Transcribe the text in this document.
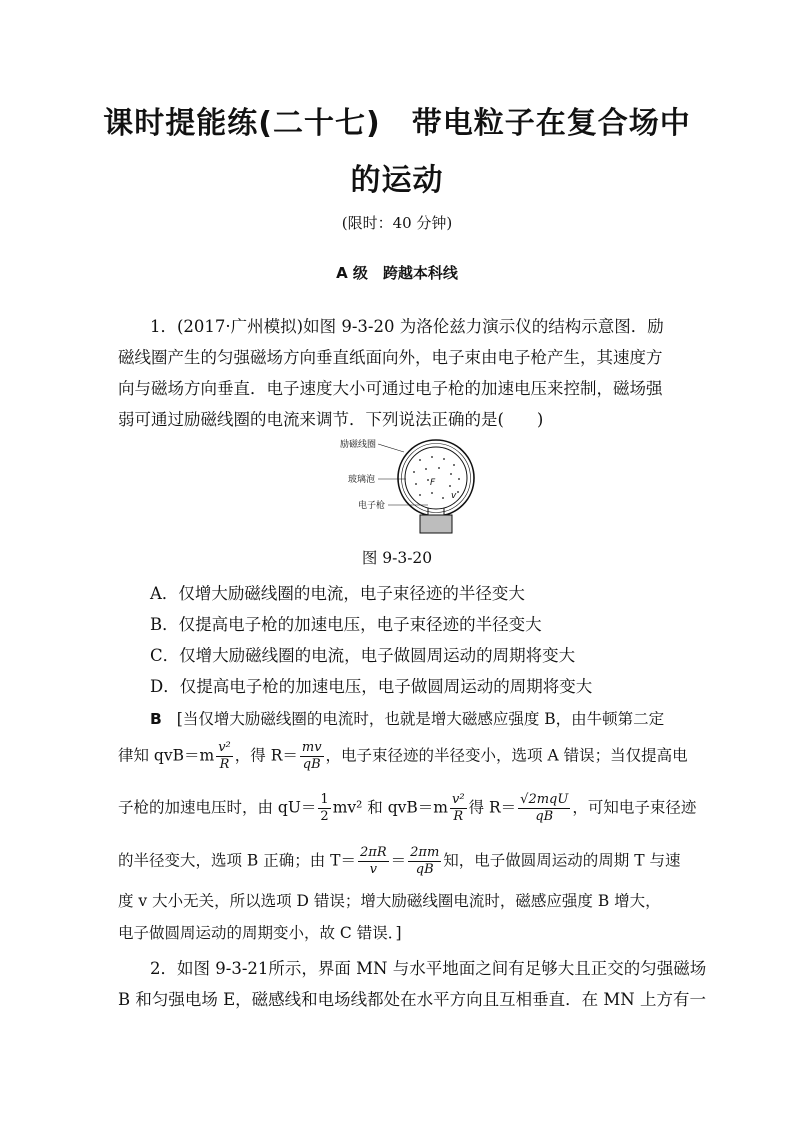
课时提能练(二十七)　带电粒子在复合场中
的运动
(限时：40 分钟)
A 级　跨越本科线
1．(2017·广州模拟)如图 9-3-20 为洛伦兹力演示仪的结构示意图．励磁线圈产生的匀强磁场方向垂直纸面向外，电子束由电子枪产生，其速度方向与磁场方向垂直．电子速度大小可通过电子枪的加速电压来控制，磁场强弱可通过励磁线圈的电流来调节．下列说法正确的是(　　)
F
v
励磁线圈
玻璃泡
电子枪
图 9-3-20
A．仅增大励磁线圈的电流，电子束径迹的半径变大
B．仅提高电子枪的加速电压，电子束径迹的半径变大
C．仅增大励磁线圈的电流，电子做圆周运动的周期将变大
D．仅提高电子枪的加速电压，电子做圆周运动的周期将变大
B [当仅增大励磁线圈的电流时，也就是增大磁感应强度 B，由牛顿第二定
律知 $qvB=m \frac{\text{v²}}{R}$ ，得 $R= \frac{mv}{qB}$ ，电子束径迹的半径变小，选项 A 错误；当仅提高电
子枪的加速电压时，由 $qU= \frac{1}{2} mv^2$ 和 $qvB=m \frac{\text{v²}}{R}$ 得 $R= \frac{\text{√2mqU}}{qB}$ ，可知电子束径迹
的半径变大，选项 B 正确；由 $T= \frac{2\pi R}{v} = \frac{2\pi m}{qB}$ 知，电子做圆周运动的周期 T 与速
度 v 大小无关，所以选项 D 错误；增大励磁线圈电流时，磁感应强度 B 增大，
电子做圆周运动的周期变小，故 C 错误．]
2．如图 9-3-21所示，界面 MN 与水平地面之间有足够大且正交的匀强磁场
B 和匀强电场 E，磁感线和电场线都处在水平方向且互相垂直．在 MN 上方有一
